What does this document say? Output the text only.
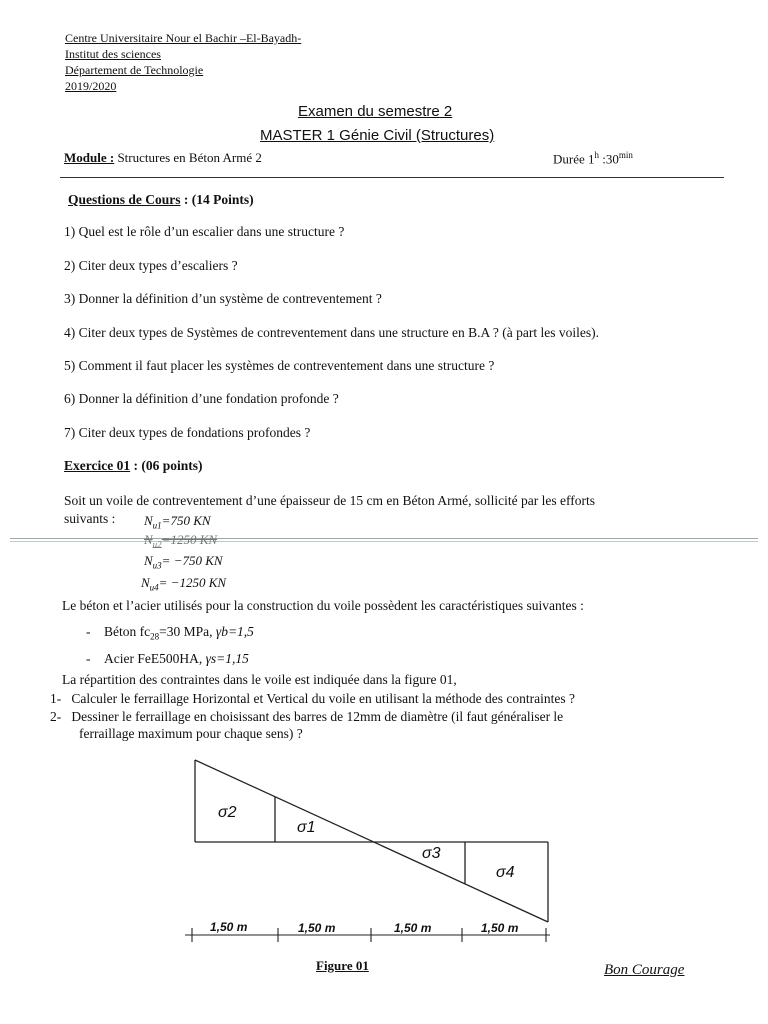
Centre Universitaire Nour el Bachir –El-Bayadh-
Institut des sciences
Département de Technologie
2019/2020
Examen du semestre 2
MASTER 1 Génie Civil (Structures)
Module : Structures en Béton Armé 2	Durée 1$^h$ $:30^{min}$
Questions de Cours : (14 Points)
1) Quel est le rôle d’un escalier dans une structure ?
2) Citer deux types d’escaliers ?
3) Donner la définition d’un système de contreventement ?
4) Citer deux types de Systèmes de contreventement dans une structure en B.A ? (à part les voiles).
5) Comment il faut placer les systèmes de contreventement dans une structure ?
6) Donner la définition d’une fondation profonde ?
7) Citer deux types de fondations profondes ?
Exercice 01 : (06 points)
Soit un voile de contreventement d’une épaisseur de 15 cm en Béton Armé, sollicité par les efforts
suivants : $N_{u1}=750$ KN
$N_{u2}=1250$ KN
$N_{u3}= -750$ KN
$N_{u4}= -1250$ KN
Le béton et l’acier utilisés pour la construction du voile possèdent les caractéristiques suivantes :
- Béton $fc_{28}=30$ MPa, γb=1,5
- Acier FeE500HA, γs=1,15
La répartition des contraintes dans le voile est indiquée dans la figure 01,
1- Calculer le ferraillage Horizontal et Vertical du voile en utilisant la méthode des contraintes ?
2- Dessiner le ferraillage en choisissant des barres de 12mm de diamètre (il faut généraliser le
ferraillage maximum pour chaque sens) ?
σ2
σ1
σ3
σ4
1,50 m	1,50 m	1,50 m	1,50 m
Figure 01	Bon Courage
